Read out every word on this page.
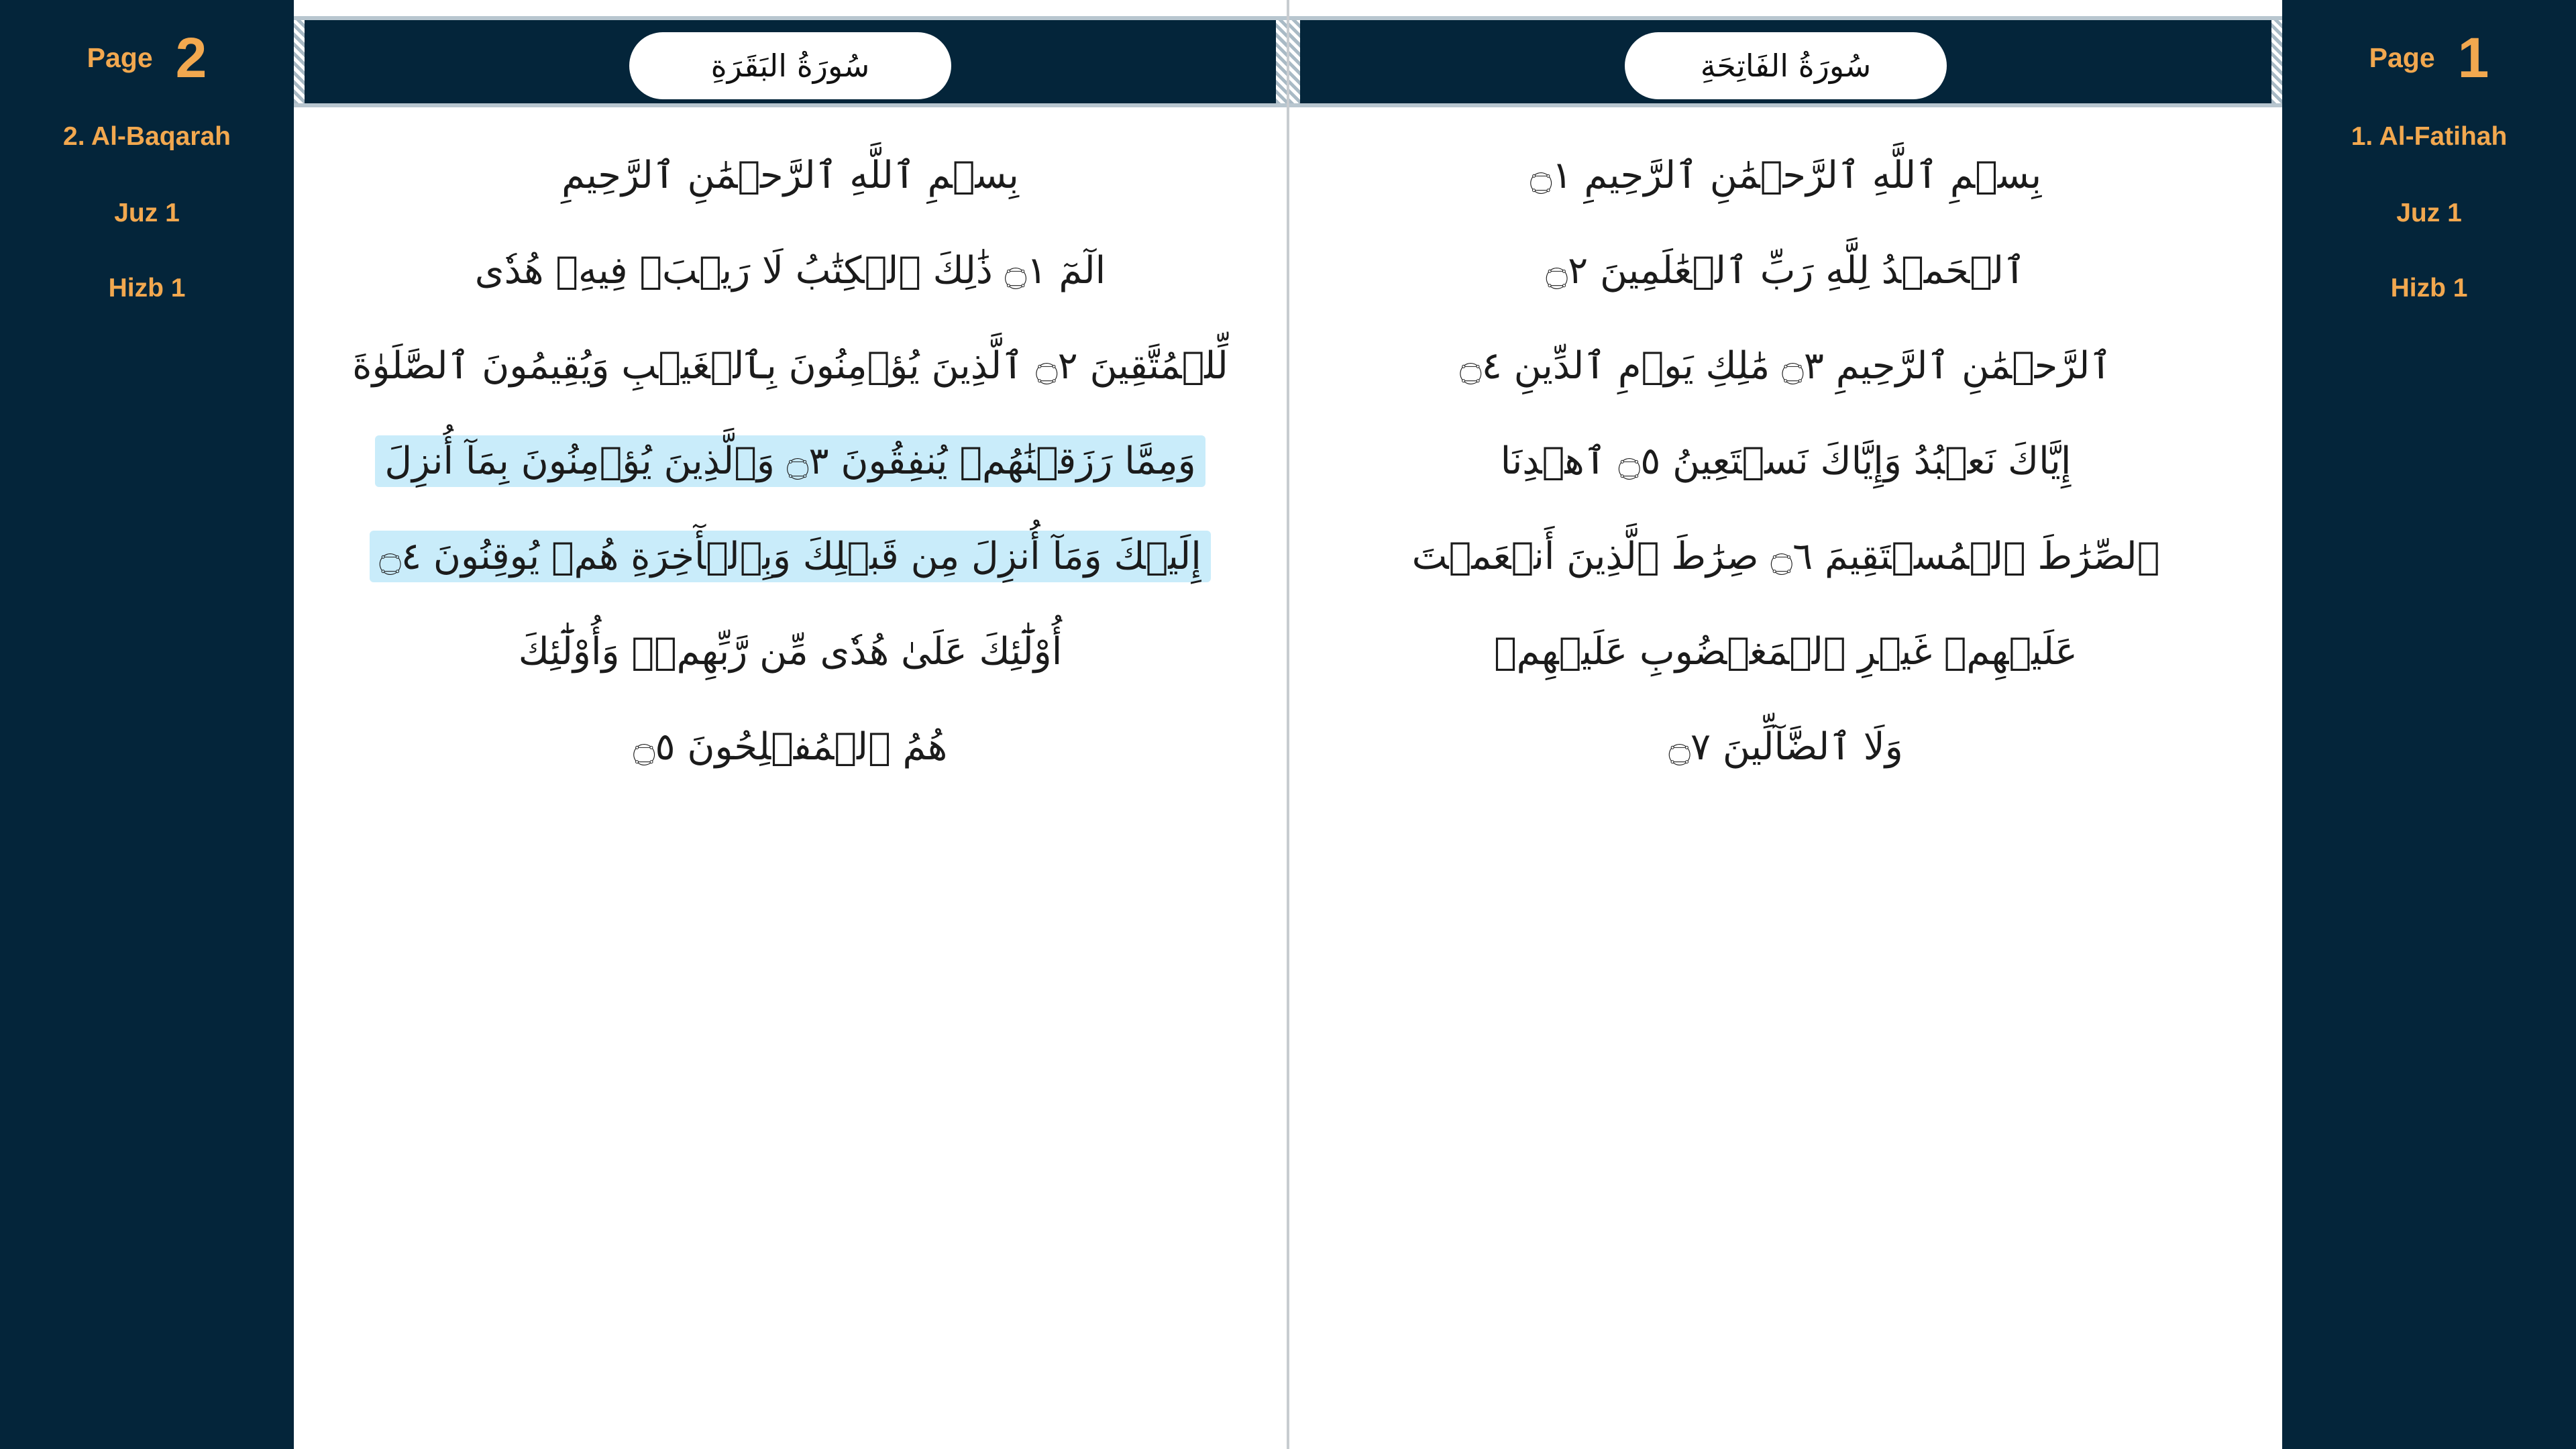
Page 2
2. Al-Baqarah
Juz 1
Hizb 1
سُورَةُ البَقَرَةِ
بِسۡمِ ٱللَّهِ ٱلرَّحۡمَٰنِ ٱلرَّحِيمِ
الٓمٓ ۝١ ذَٰلِكَ ٱلۡكِتَٰبُ لَا رَيۡبَۛ فِيهِۛ هُدٗى
لِّلۡمُتَّقِينَ ۝٢ ٱلَّذِينَ يُؤۡمِنُونَ بِٱلۡغَيۡبِ وَيُقِيمُونَ ٱلصَّلَوٰةَ
وَمِمَّا رَزَقۡنَٰهُمۡ يُنفِقُونَ ۝٣ وَٱلَّذِينَ يُؤۡمِنُونَ بِمَآ أُنزِلَ
إِلَيۡكَ وَمَآ أُنزِلَ مِن قَبۡلِكَ وَبِٱلۡأٓخِرَةِ هُمۡ يُوقِنُونَ ۝٤
أُوْلَٰٓئِكَ عَلَىٰ هُدٗى مِّن رَّبِّهِمۡۖ وَأُوْلَٰٓئِكَ
هُمُ ٱلۡمُفۡلِحُونَ ۝٥
سُورَةُ الفَاتِحَةِ
بِسۡمِ ٱللَّهِ ٱلرَّحۡمَٰنِ ٱلرَّحِيمِ ۝١
ٱلۡحَمۡدُ لِلَّهِ رَبِّ ٱلۡعَٰلَمِينَ ۝٢
ٱلرَّحۡمَٰنِ ٱلرَّحِيمِ ۝٣ مَٰلِكِ يَوۡمِ ٱلدِّينِ ۝٤
إِيَّاكَ نَعۡبُدُ وَإِيَّاكَ نَسۡتَعِينُ ۝٥ ٱهۡدِنَا
ٱلصِّرَٰطَ ٱلۡمُسۡتَقِيمَ ۝٦ صِرَٰطَ ٱلَّذِينَ أَنۡعَمۡتَ
عَلَيۡهِمۡ غَيۡرِ ٱلۡمَغۡضُوبِ عَلَيۡهِمۡ
وَلَا ٱلضَّآلِّينَ ۝٧
Page 1
1. Al-Fatihah
Juz 1
Hizb 1
